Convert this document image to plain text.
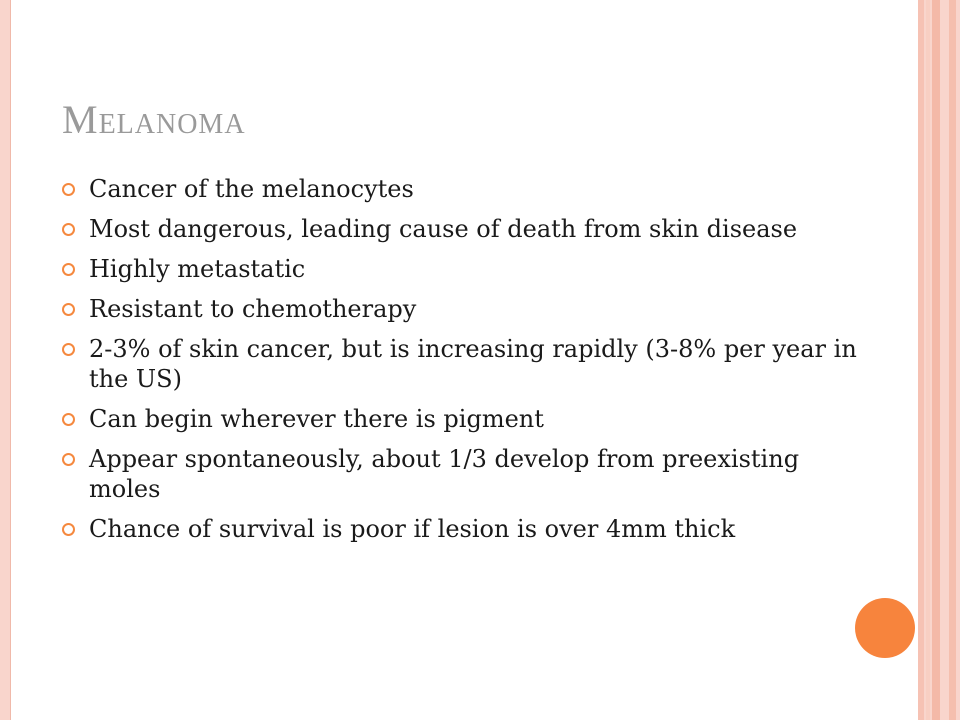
Melanoma
Cancer of the melanocytes
Most dangerous, leading cause of death from skin disease
Highly metastatic
Resistant to chemotherapy
2-3% of skin cancer, but is increasing rapidly (3-8% per year in the US)
Can begin wherever there is pigment
Appear spontaneously, about 1/3 develop from preexisting moles
Chance of survival is poor if lesion is over 4mm thick
